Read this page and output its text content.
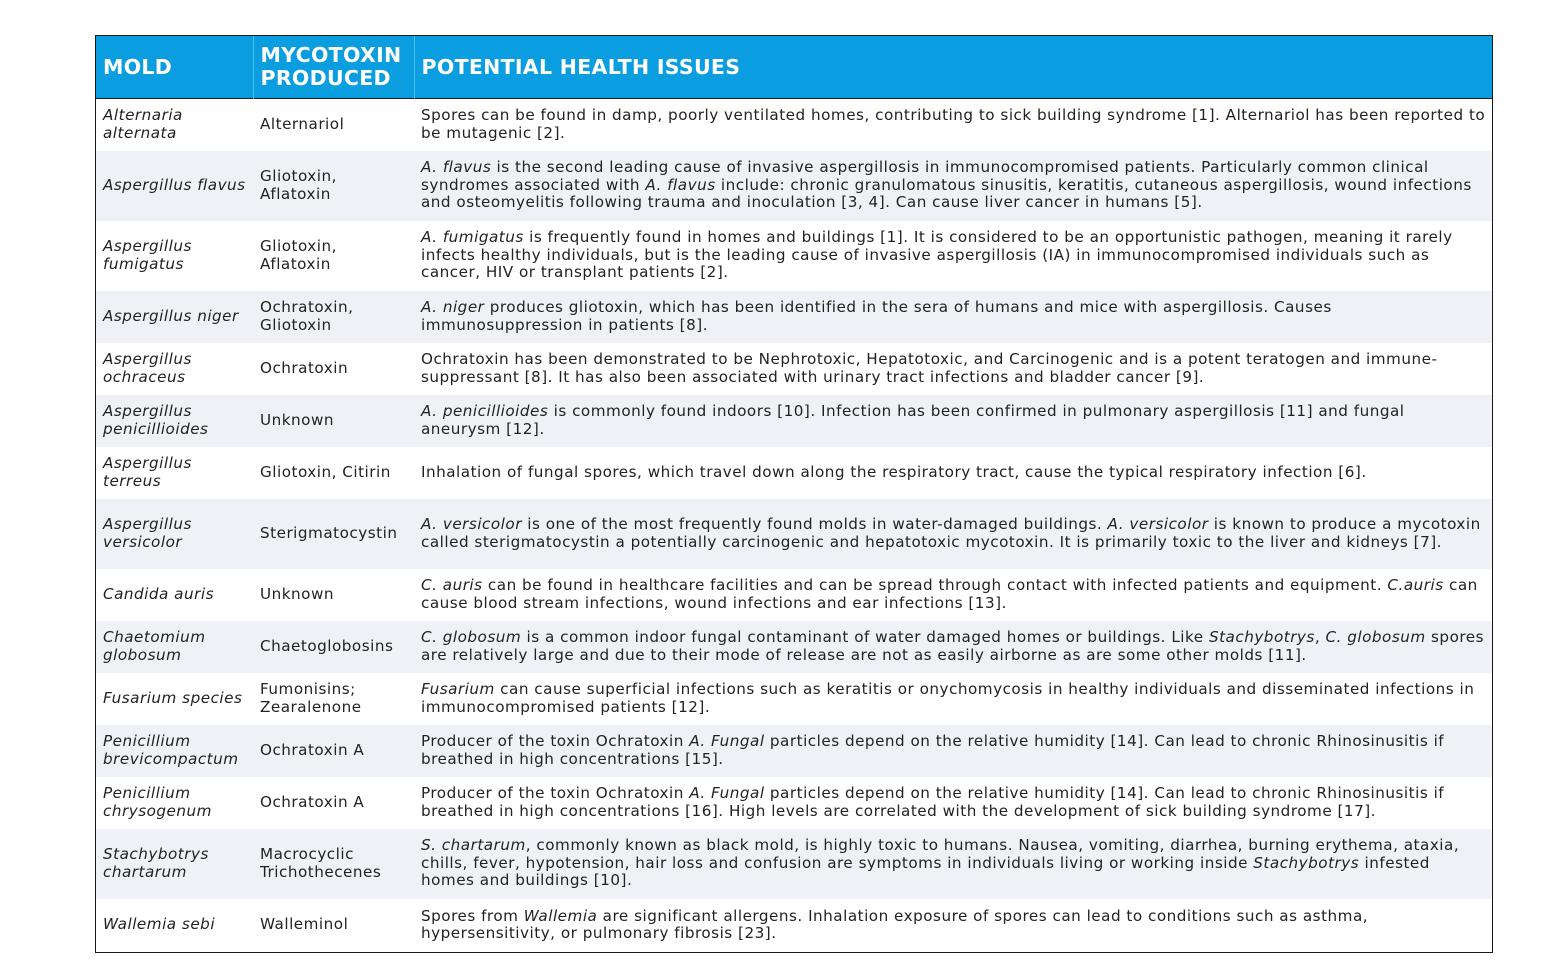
MOLD	MYCOTOXIN PRODUCED	POTENTIAL HEALTH ISSUES
Alternaria alternata	Alternariol	Spores can be found in damp, poorly ventilated homes, contributing to sick building syndrome [1]. Alternariol has been reported to be mutagenic [2].
Aspergillus flavus	Gliotoxin, Aflatoxin	A. flavus is the second leading cause of invasive aspergillosis in immunocompromised patients. Particularly common clinical syndromes associated with A. flavus include: chronic granulomatous sinusitis, keratitis, cutaneous aspergillosis, wound infections and osteomyelitis following trauma and inoculation [3, 4]. Can cause liver cancer in humans [5].
Aspergillus fumigatus	Gliotoxin, Aflatoxin	A. fumigatus is frequently found in homes and buildings [1]. It is considered to be an opportunistic pathogen, meaning it rarely infects healthy individuals, but is the leading cause of invasive aspergillosis (IA) in immunocompromised individuals such as cancer, HIV or transplant patients [2].
Aspergillus niger	Ochratoxin, Gliotoxin	A. niger produces gliotoxin, which has been identified in the sera of humans and mice with aspergillosis. Causes immunosuppression in patients [8].
Aspergillus ochraceus	Ochratoxin	Ochratoxin has been demonstrated to be Nephrotoxic, Hepatotoxic, and Carcinogenic and is a potent teratogen and immune-suppressant [8]. It has also been associated with urinary tract infections and bladder cancer [9].
Aspergillus penicillioides	Unknown	A. penicillioides is commonly found indoors [10]. Infection has been confirmed in pulmonary aspergillosis [11] and fungal aneurysm [12].
Aspergillus terreus	Gliotoxin, Citirin	Inhalation of fungal spores, which travel down along the respiratory tract, cause the typical respiratory infection [6].
Aspergillus versicolor	Sterigmatocystin	A. versicolor is one of the most frequently found molds in water-damaged buildings. A. versicolor is known to produce a mycotoxin called sterigmatocystin a potentially carcinogenic and hepatotoxic mycotoxin. It is primarily toxic to the liver and kidneys [7].
Candida auris	Unknown	C. auris can be found in healthcare facilities and can be spread through contact with infected patients and equipment. C.auris can cause blood stream infections, wound infections and ear infections [13].
Chaetomium globosum	Chaetoglobosins	C. globosum is a common indoor fungal contaminant of water damaged homes or buildings. Like Stachybotrys, C. globosum spores are relatively large and due to their mode of release are not as easily airborne as are some other molds [11].
Fusarium species	Fumonisins; Zearalenone	Fusarium can cause superficial infections such as keratitis or onychomycosis in healthy individuals and disseminated infections in immunocompromised patients [12].
Penicillium brevicompactum	Ochratoxin A	Producer of the toxin Ochratoxin A. Fungal particles depend on the relative humidity [14]. Can lead to chronic Rhinosinusitis if breathed in high concentrations [15].
Penicillium chrysogenum	Ochratoxin A	Producer of the toxin Ochratoxin A. Fungal particles depend on the relative humidity [14]. Can lead to chronic Rhinosinusitis if breathed in high concentrations [16]. High levels are correlated with the development of sick building syndrome [17].
Stachybotrys chartarum	Macrocyclic Trichothecenes	S. chartarum, commonly known as black mold, is highly toxic to humans. Nausea, vomiting, diarrhea, burning erythema, ataxia, chills, fever, hypotension, hair loss and confusion are symptoms in individuals living or working inside Stachybotrys infested homes and buildings [10].
Wallemia sebi	Walleminol	Spores from Wallemia are significant allergens. Inhalation exposure of spores can lead to conditions such as asthma, hypersensitivity, or pulmonary fibrosis [23].
